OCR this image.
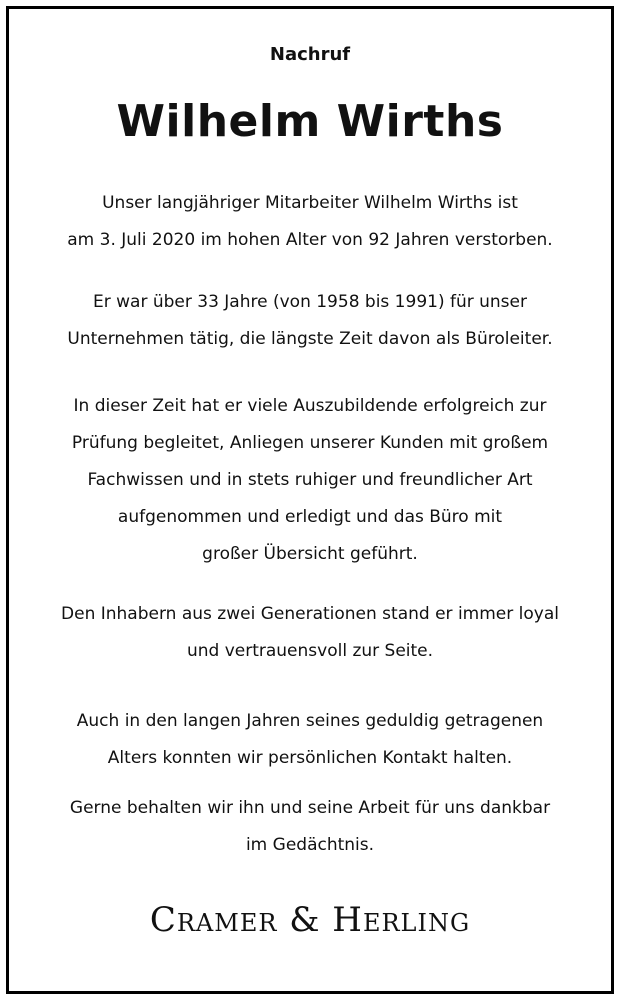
Nachruf
Wilhelm Wirths
Unser langjähriger Mitarbeiter Wilhelm Wirths ist
am 3. Juli 2020 im hohen Alter von 92 Jahren verstorben.
Er war über 33 Jahre (von 1958 bis 1991) für unser
Unternehmen tätig, die längste Zeit davon als Büroleiter.
In dieser Zeit hat er viele Auszubildende erfolgreich zur
Prüfung begleitet, Anliegen unserer Kunden mit großem
Fachwissen und in stets ruhiger und freundlicher Art
aufgenommen und erledigt und das Büro mit
großer Übersicht geführt.
Den Inhabern aus zwei Generationen stand er immer loyal
und vertrauensvoll zur Seite.
Auch in den langen Jahren seines geduldig getragenen
Alters konnten wir persönlichen Kontakt halten.
Gerne behalten wir ihn und seine Arbeit für uns dankbar
im Gedächtnis.
Cramer & Herling
